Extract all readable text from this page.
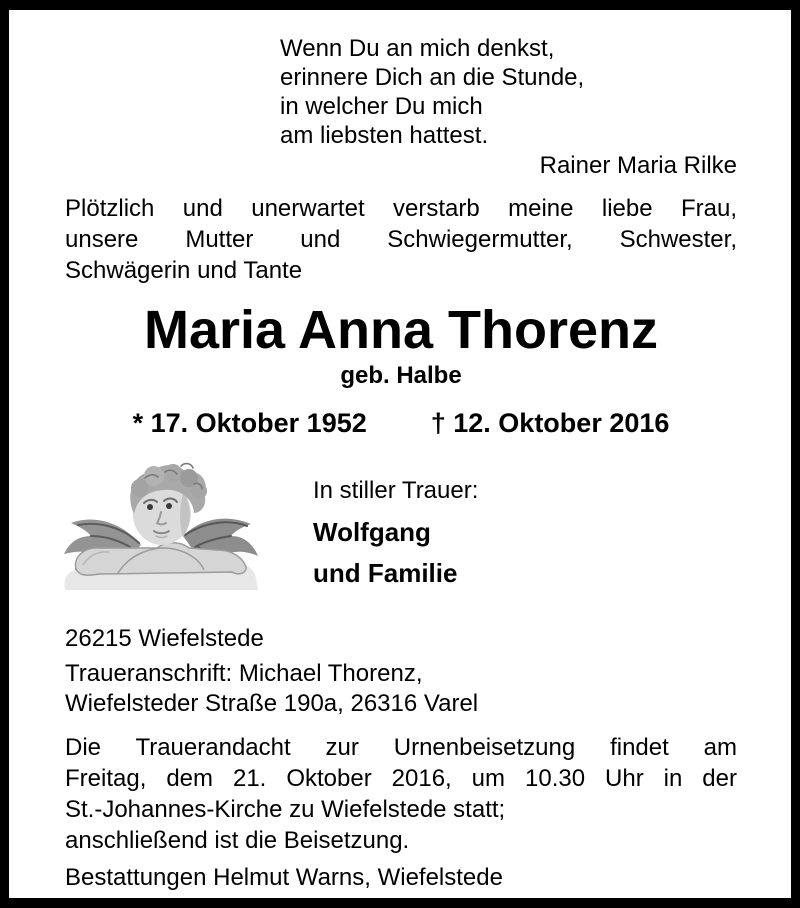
Wenn Du an mich denkst,
erinnere Dich an die Stunde,
in welcher Du mich
am liebsten hattest.
Rainer Maria Rilke
Plötzlich und unerwartet verstarb meine liebe Frau,
unsere Mutter und Schwiegermutter, Schwester,
Schwägerin und Tante
Maria Anna Thorenz
geb. Halbe
* 17. Oktober 1952 † 12. Oktober 2016
In stiller Trauer:
Wolfgang
und Familie
26215 Wiefelstede
Traueranschrift: Michael Thorenz,
Wiefelsteder Straße 190a, 26316 Varel
Die Trauerandacht zur Urnenbeisetzung findet am
Freitag, dem 21. Oktober 2016, um 10.30 Uhr in der
St.-Johannes-Kirche zu Wiefelstede statt;
anschließend ist die Beisetzung.
Bestattungen Helmut Warns, Wiefelstede
